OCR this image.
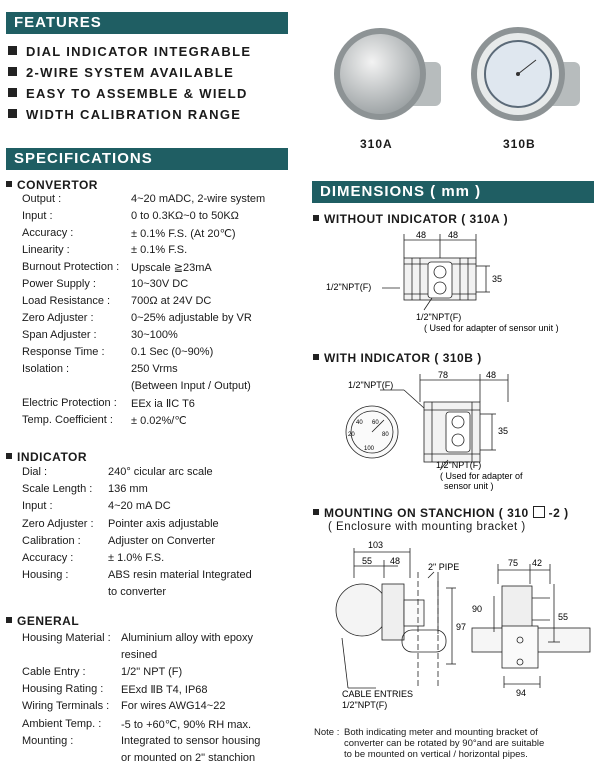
FEATURES
DIAL INDICATOR INTEGRABLE
2-WIRE SYSTEM AVAILABLE
EASY TO ASSEMBLE & WIELD
WIDTH CALIBRATION RANGE
310A	310B
SPECIFICATIONS
CONVERTOR
Output :	4~20 mADC, 2-wire system
Input :	0 to 0.3KΩ~0 to 50KΩ
Accuracy :	± 0.1% F.S. (At 20℃)
Linearity :	± 0.1% F.S.
Burnout Protection : Upscale ≧23mA
Power Supply :	10~30V DC
Load Resistance : 700Ω at 24V DC
Zero Adjuster :	0~25% adjustable by VR
Span Adjuster :	30~100%
Response Time : 0.1 Sec (0~90%)
Isolation :	250 Vrms
(Between Input / Output)
Electric Protection : EEx ia ⅡC T6
Temp. Coefficient : ± 0.02%/℃
INDICATOR
Dial :	240° cicular arc scale
Scale Length : 136 mm
Input :	4~20 mA DC
Zero Adjuster : Pointer axis adjustable
Calibration : Adjuster on Converter
Accuracy :	± 1.0% F.S.
Housing :	ABS resin material Integrated
to converter
GENERAL
Housing Material : Aluminium alloy with epoxy
resined
Cable Entry :	1/2" NPT (F)
Housing Rating : EExd ⅡB T4, IP68
Wiring Terminals : For wires AWG14~22
Ambient Temp. : -5 to +60℃, 90% RH max.
Mounting :	Integrated to sensor housing
or mounted on 2" stanchion
DIMENSIONS ( mm )
WITHOUT INDICATOR ( 310A )
48 48
35
1/2"NPT(F)
1/2"NPT(F)
( Used for adapter of sensor unit )
WITH INDICATOR ( 310B )
40
20
60
80
100
1/2"NPT(F)
78	48
35
1/2"NPT(F)
( Used for adapter of
sensor unit )
MOUNTING ON STANCHION ( 310 -2 )
( Enclosure with mounting bracket )
103
55 48
2" PIPE
97
CABLE ENTRIES
1/2"NPT(F)
75 42
90
55
94
Note : Both indicating meter and mounting bracket of
converter can be rotated by 90°and are suitable
to be mounted on vertical / horizontal pipes.
